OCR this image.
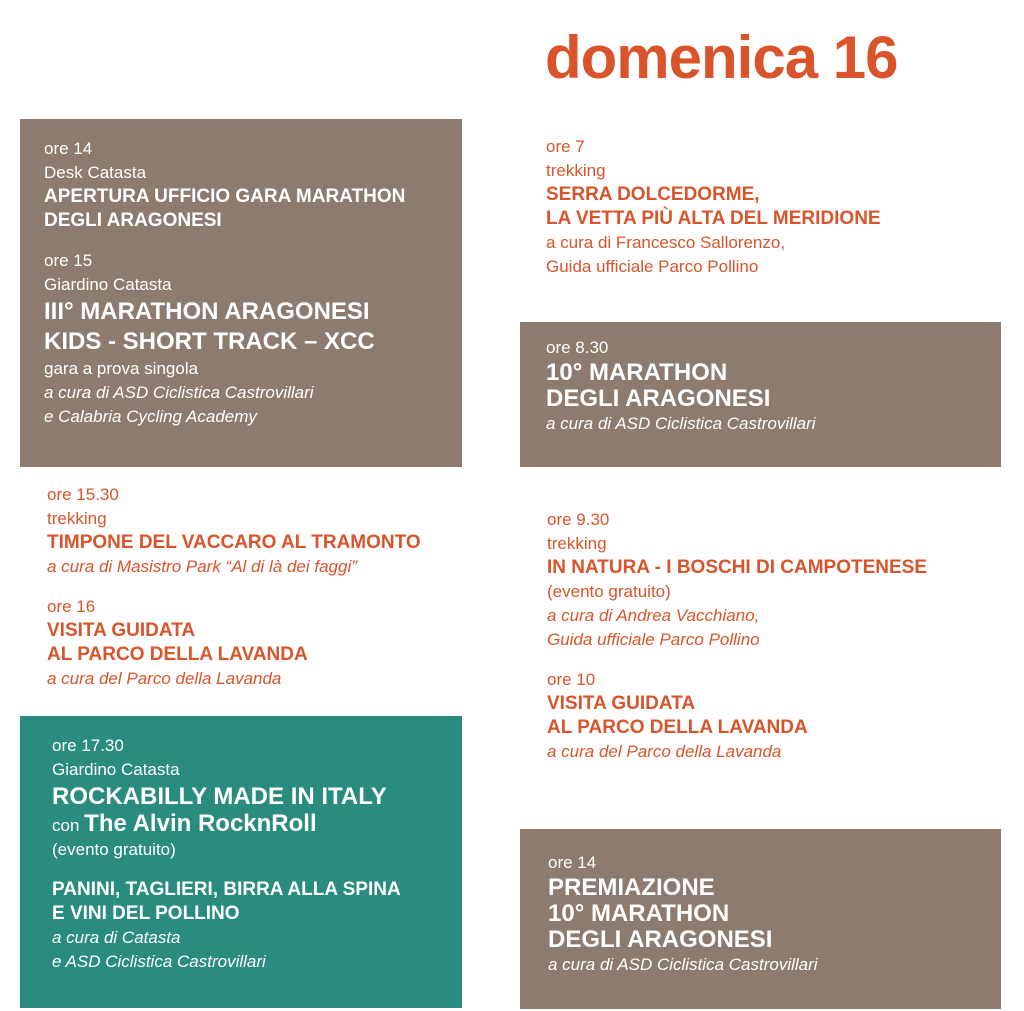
domenica 16
ore 14
Desk Catasta
APERTURA UFFICIO GARA MARATHON
DEGLI ARAGONESI
ore 15
Giardino Catasta
III° MARATHON ARAGONESI
KIDS - SHORT TRACK – XCC
gara a prova singola
a cura di ASD Ciclistica Castrovillari
e Calabria Cycling Academy
ore 15.30
trekking
TIMPONE DEL VACCARO AL TRAMONTO
a cura di Masistro Park “Al di là dei faggi”
ore 16
VISITA GUIDATA
AL PARCO DELLA LAVANDA
a cura del Parco della Lavanda
ore 17.30
Giardino Catasta
ROCKABILLY MADE IN ITALY
con The Alvin RocknRoll
(evento gratuito)
PANINI, TAGLIERI, BIRRA ALLA SPINA
E VINI DEL POLLINO
a cura di Catasta
e ASD Ciclistica Castrovillari
ore 7
trekking
SERRA DOLCEDORME,
LA VETTA PIÙ ALTA DEL MERIDIONE
a cura di Francesco Sallorenzo,
Guida ufficiale Parco Pollino
ore 8.30
10° MARATHON
DEGLI ARAGONESI
a cura di ASD Ciclistica Castrovillari
ore 9.30
trekking
IN NATURA - I BOSCHI DI CAMPOTENESE
(evento gratuito)
a cura di Andrea Vacchiano,
Guida ufficiale Parco Pollino
ore 10
VISITA GUIDATA
AL PARCO DELLA LAVANDA
a cura del Parco della Lavanda
ore 14
PREMIAZIONE
10° MARATHON
DEGLI ARAGONESI
a cura di ASD Ciclistica Castrovillari
